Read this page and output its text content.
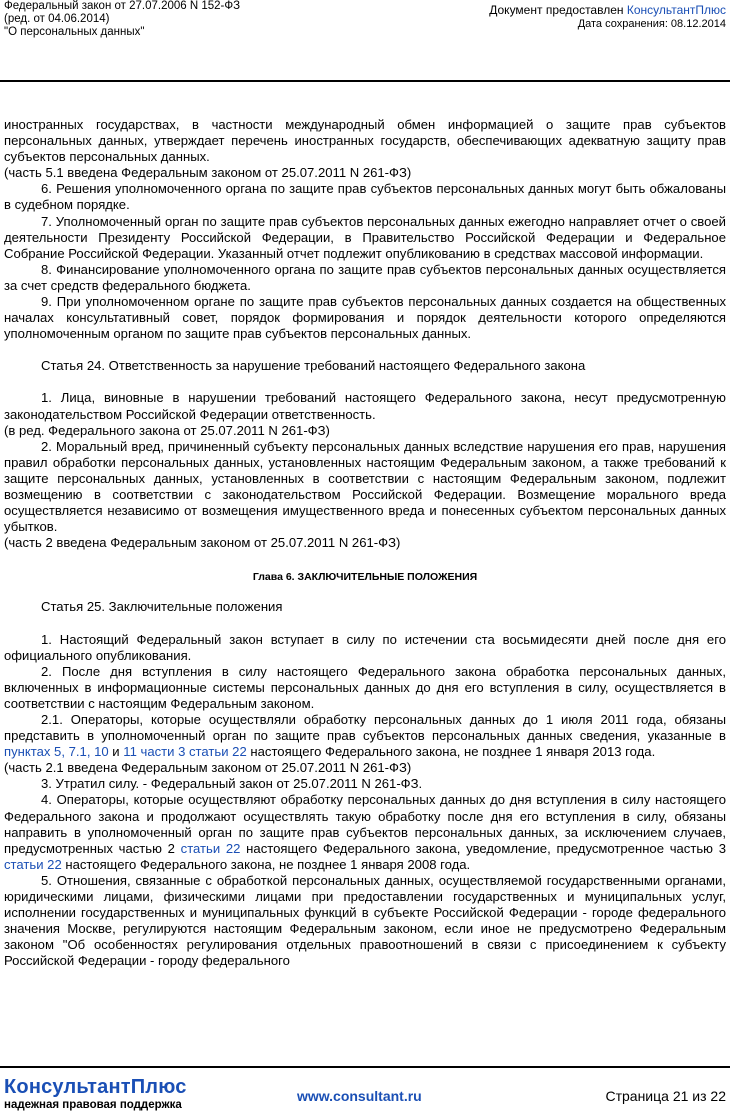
Федеральный закон от 27.07.2006 N 152-ФЗ
(ред. от 04.06.2014)
"О персональных данных"
Документ предоставлен КонсультантПлюс
Дата сохранения: 08.12.2014

иностранных государствах, в частности международный обмен информацией о защите прав субъектов персональных данных, утверждает перечень иностранных государств, обеспечивающих адекватную защиту прав субъектов персональных данных.

(часть 5.1 введена Федеральным законом от 25.07.2011 N 261-ФЗ)

6. Решения уполномоченного органа по защите прав субъектов персональных данных могут быть обжалованы в судебном порядке.

7. Уполномоченный орган по защите прав субъектов персональных данных ежегодно направляет отчет о своей деятельности Президенту Российской Федерации, в Правительство Российской Федерации и Федеральное Собрание Российской Федерации. Указанный отчет подлежит опубликованию в средствах массовой информации.

8. Финансирование уполномоченного органа по защите прав субъектов персональных данных осуществляется за счет средств федерального бюджета.

9. При уполномоченном органе по защите прав субъектов персональных данных создается на общественных началах консультативный совет, порядок формирования и порядок деятельности которого определяются уполномоченным органом по защите прав субъектов персональных данных.

Статья 24. Ответственность за нарушение требований настоящего Федерального закона

1. Лица, виновные в нарушении требований настоящего Федерального закона, несут предусмотренную законодательством Российской Федерации ответственность.

(в ред. Федерального закона от 25.07.2011 N 261-ФЗ)

2. Моральный вред, причиненный субъекту персональных данных вследствие нарушения его прав, нарушения правил обработки персональных данных, установленных настоящим Федеральным законом, а также требований к защите персональных данных, установленных в соответствии с настоящим Федеральным законом, подлежит возмещению в соответствии с законодательством Российской Федерации. Возмещение морального вреда осуществляется независимо от возмещения имущественного вреда и понесенных субъектом персональных данных убытков.

(часть 2 введена Федеральным законом от 25.07.2011 N 261-ФЗ)

Глава 6. ЗАКЛЮЧИТЕЛЬНЫЕ ПОЛОЖЕНИЯ

Статья 25. Заключительные положения

1. Настоящий Федеральный закон вступает в силу по истечении ста восьмидесяти дней после дня его официального опубликования.

2. После дня вступления в силу настоящего Федерального закона обработка персональных данных, включенных в информационные системы персональных данных до дня его вступления в силу, осуществляется в соответствии с настоящим Федеральным законом.

2.1. Операторы, которые осуществляли обработку персональных данных до 1 июля 2011 года, обязаны представить в уполномоченный орган по защите прав субъектов персональных данных сведения, указанные в пунктах 5, 7.1, 10 и 11 части 3 статьи 22 настоящего Федерального закона, не позднее 1 января 2013 года.

(часть 2.1 введена Федеральным законом от 25.07.2011 N 261-ФЗ)

3. Утратил силу. - Федеральный закон от 25.07.2011 N 261-ФЗ.

4. Операторы, которые осуществляют обработку персональных данных до дня вступления в силу настоящего Федерального закона и продолжают осуществлять такую обработку после дня его вступления в силу, обязаны направить в уполномоченный орган по защите прав субъектов персональных данных, за исключением случаев, предусмотренных частью 2 статьи 22 настоящего Федерального закона, уведомление, предусмотренное частью 3 статьи 22 настоящего Федерального закона, не позднее 1 января 2008 года.

5. Отношения, связанные с обработкой персональных данных, осуществляемой государственными органами, юридическими лицами, физическими лицами при предоставлении государственных и муниципальных услуг, исполнении государственных и муниципальных функций в субъекте Российской Федерации - городе федерального значения Москве, регулируются настоящим Федеральным законом, если иное не предусмотрено Федеральным законом "Об особенностях регулирования отдельных правоотношений в связи с присоединением к субъекту Российской Федерации - городу федерального

КонсультантПлюс
надежная правовая поддержка
www.consultant.ru	Страница 21 из 22
